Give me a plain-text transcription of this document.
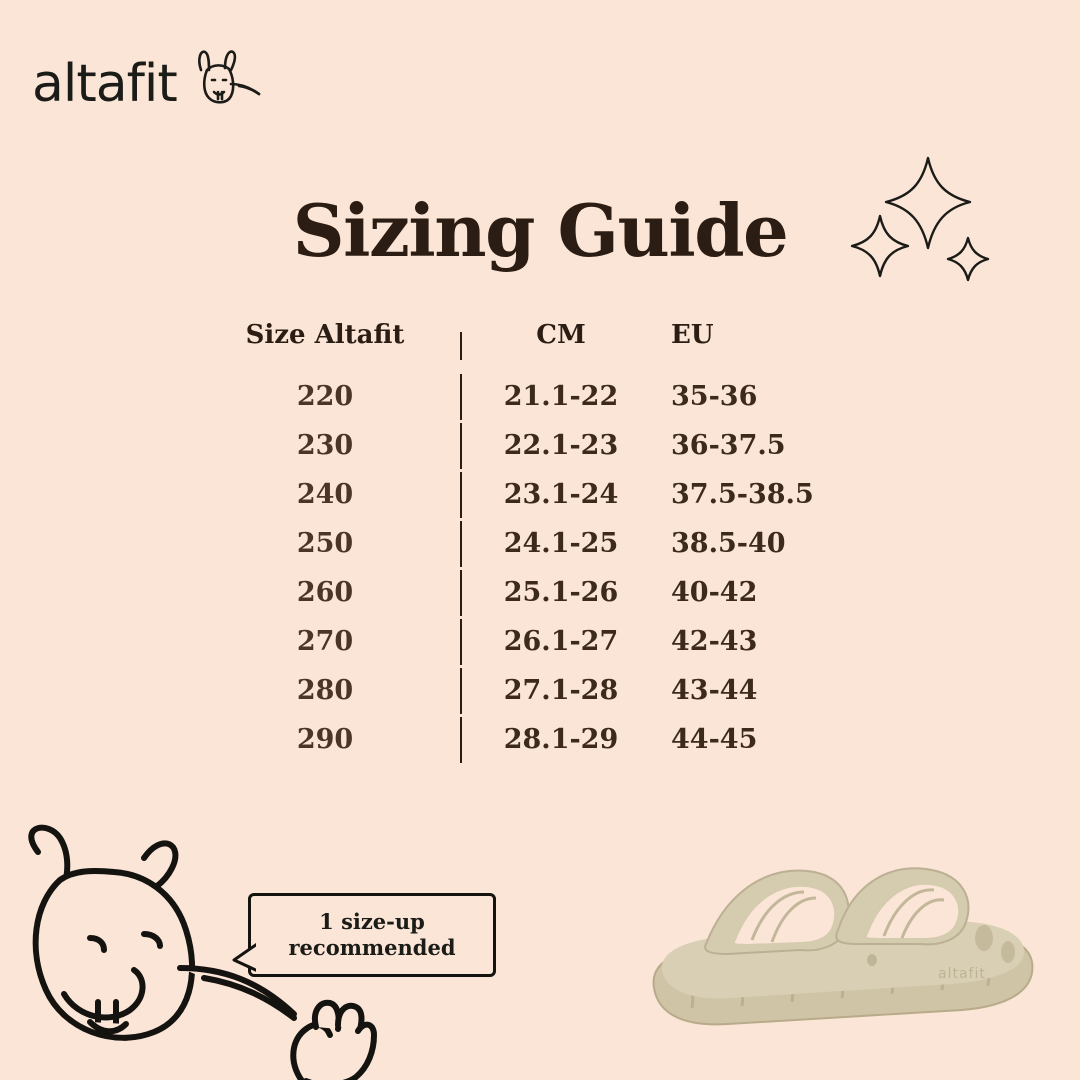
altafit
Sizing Guide
Size Altafit	CM	EU
220	21.1-22	35-36
230	22.1-23	36-37.5
240	23.1-24	37.5-38.5
250	24.1-25	38.5-40
260	25.1-26	40-42
270	26.1-27	42-43
280	27.1-28	43-44
290	28.1-29	44-45
1 size-up
recommended
altafit
